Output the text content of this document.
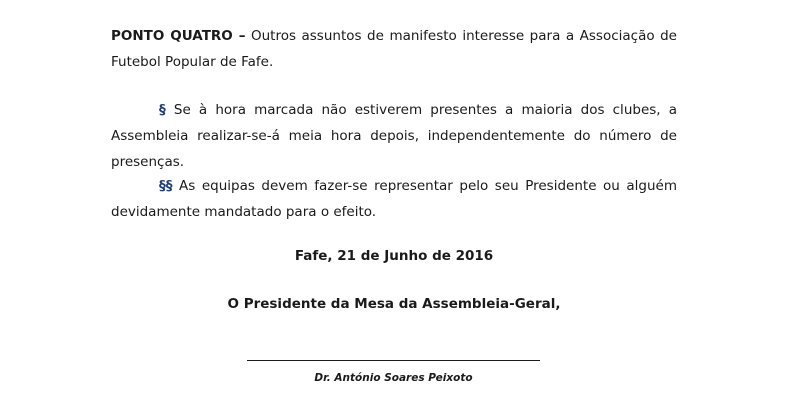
PONTO QUATRO – Outros assuntos de manifesto interesse para a Associação de Futebol Popular de Fafe.

§ Se à hora marcada não estiverem presentes a maioria dos clubes, a Assembleia realizar-se-á meia hora depois, independentemente do número de presenças.

§§ As equipas devem fazer-se representar pelo seu Presidente ou alguém devidamente mandatado para o efeito.

Fafe, 21 de Junho de 2016

O Presidente da Mesa da Assembleia-Geral,

Dr. António Soares Peixoto
